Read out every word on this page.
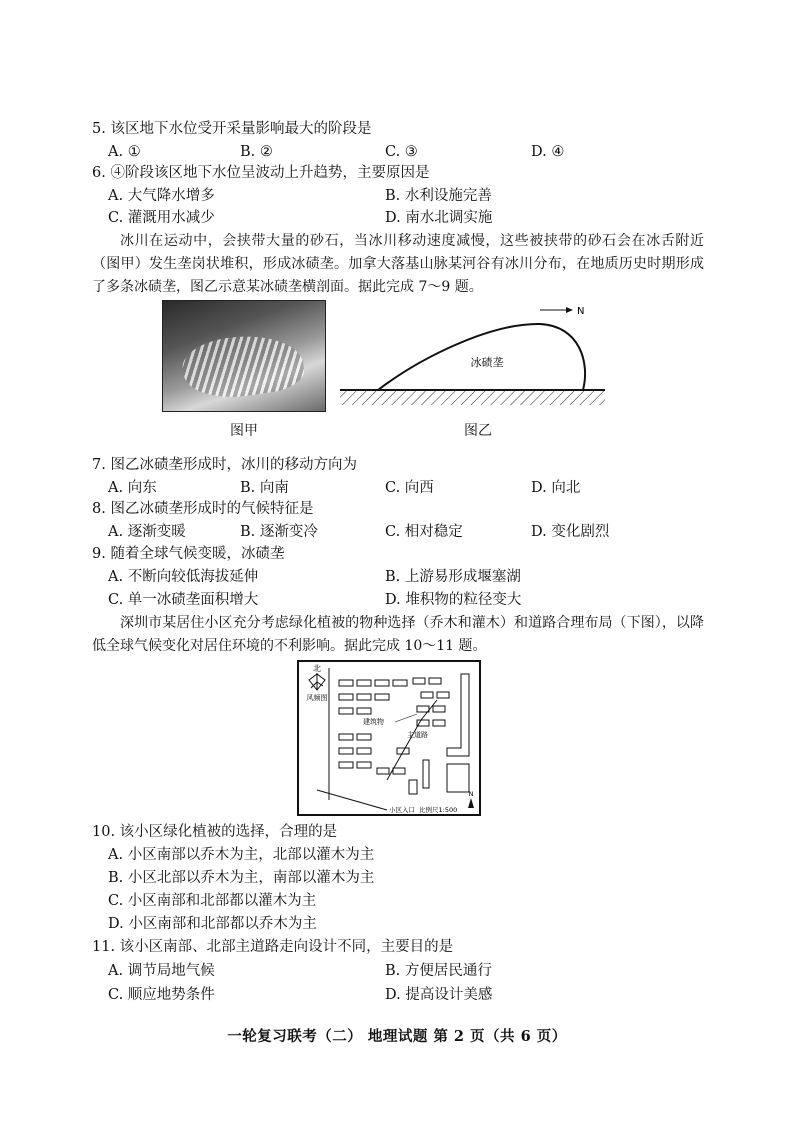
5. 该区地下水位受开采量影响最大的阶段是
A. ①	B. ②	C. ③	D. ④
6. ④阶段该区地下水位呈波动上升趋势，主要原因是
A. 大气降水增多	B. 水利设施完善
C. 灌溉用水减少	D. 南水北调实施
冰川在运动中，会挟带大量的砂石，当冰川移动速度减慢，这些被挟带的砂石会在冰舌附近（图甲）发生垄岗状堆积，形成冰碛垄。加拿大落基山脉某河谷有冰川分布，在地质历史时期形成了多条冰碛垄，图乙示意某冰碛垄横剖面。据此完成 7～9 题。
图甲
冰碛垄
N
图乙
7. 图乙冰碛垄形成时，冰川的移动方向为
A. 向东	B. 向南	C. 向西	D. 向北
8. 图乙冰碛垄形成时的气候特征是
A. 逐渐变暖	B. 逐渐变冷	C. 相对稳定	D. 变化剧烈
9. 随着全球气候变暖，冰碛垄
A. 不断向较低海拔延伸	B. 上游易形成堰塞湖
C. 单一冰碛垄面积增大	D. 堆积物的粒径变大
深圳市某居住小区充分考虑绿化植被的物种选择（乔木和灌木）和道路合理布局（下图），以降低全球气候变化对居住环境的不利影响。据此完成 10～11 题。
北
风频图
建筑物
主道路
小区入口 比例尺1:500
N
10. 该小区绿化植被的选择，合理的是
A. 小区南部以乔木为主，北部以灌木为主
B. 小区北部以乔木为主，南部以灌木为主
C. 小区南部和北部都以灌木为主
D. 小区南部和北部都以乔木为主
11. 该小区南部、北部主道路走向设计不同，主要目的是
A. 调节局地气候	B. 方便居民通行
C. 顺应地势条件	D. 提高设计美感
一轮复习联考（二） 地理试题 第 2 页（共 6 页）
